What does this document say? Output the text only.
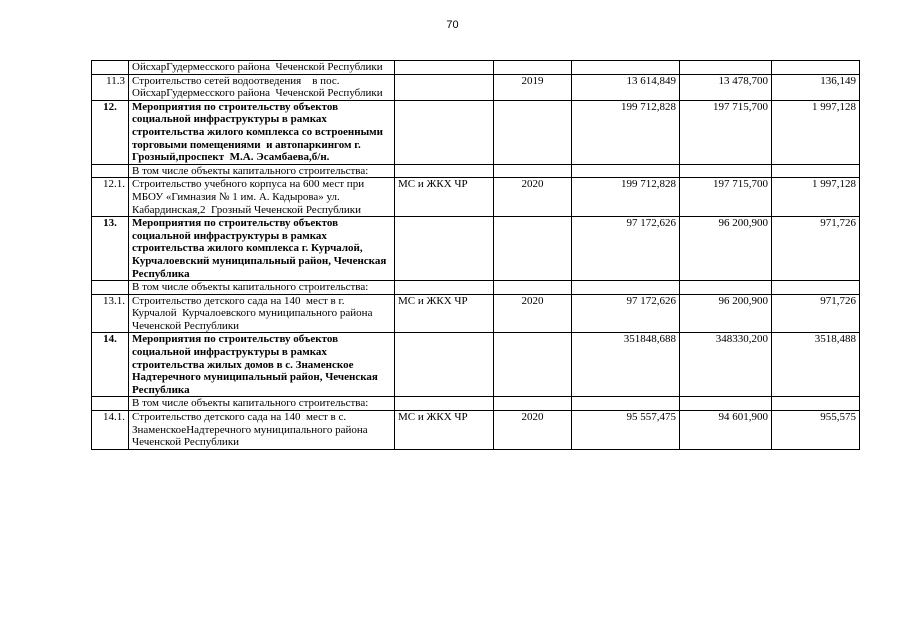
70
	ОйсхарГудермесского района  Чеченской Республики					
11.3	Строительство сетей водоотведения    в пос. ОйсхарГудермесского района  Чеченской Республики		2019	13 614,849	13 478,700	136,149
12.	Мероприятия по строительству объектов социальной инфраструктуры в рамках строительства жилого комплекса со встроенными торговыми помещениями  и автопаркингом г. Грозный,проспект  М.А. Эсамбаева,б/н.			199 712,828	197 715,700	1 997,128
	В том числе объекты капитального строительства:					
12.1.	Строительство учебного корпуса на 600 мест при МБОУ «Гимназия № 1 им. А. Кадырова» ул. Кабардинская,2  Грозный Чеченской Республики	МС и ЖКХ ЧР	2020	199 712,828	197 715,700	1 997,128
13.	Мероприятия по строительству объектов социальной инфраструктуры в рамках строительства жилого комплекса г. Курчалой, Курчалоевский муниципальный район, Чеченская Республика			97 172,626	96 200,900	971,726
	В том числе объекты капитального строительства:					
13.1.	Строительство детского сада на 140  мест в г. Курчалой  Курчалоевского муниципального района                          Чеченской Республики	МС и ЖКХ ЧР	2020	97 172,626	96 200,900	971,726
14.	Мероприятия по строительству объектов социальной инфраструктуры в рамках строительства жилых домов в с. Знаменское Надтеречного муниципальный район, Чеченская Республика			351848,688	348330,200	3518,488
	В том числе объекты капитального строительства:					
14.1.	Строительство детского сада на 140  мест в с. ЗнаменскоеНадтеречного муниципального района  Чеченской Республики	МС и ЖКХ ЧР	2020	95 557,475	94 601,900	955,575
